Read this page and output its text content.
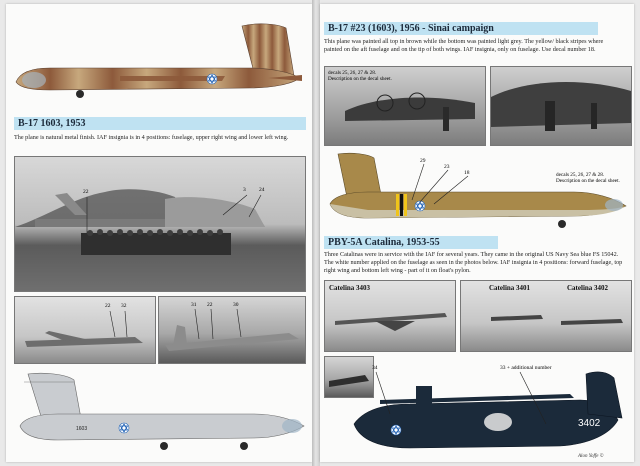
B-17 1603, 1953
The plane is natural metal finish. IAF insignia is in 4 positions: fuselage, upper right wing and lower left wing.
22	3 24
22 32	31 22	30
1603
B-17 #23 (1603), 1956 - Sinai campaign
This plane was painted all top in brown while the bottom was painted light grey. The yellow/ black stripes where painted on the aft fuselage and on the tip of both wings. IAF insignia, only on fuselage. Use decal number 18.
decals 25, 26, 27 & 28. Description on the decal sheet.
29
23
18	decals 25, 26, 27 & 28. Description on the decal sheet.
PBY-5A Catalina, 1953-55
Three Catalinas were in service with the IAF for several years. They came in the original US Navy Sea blue FS 15042. The white number applied on the fuselage as seen in the photos below. IAF insignia in 4 positions: forward fuselage, top right wing and bottom left wing - part of it on float's pylon.
Catelina 3403	Catelina 3401	Catelina 3402
3402
34	33 + additional number
Alon Yoffe ©
